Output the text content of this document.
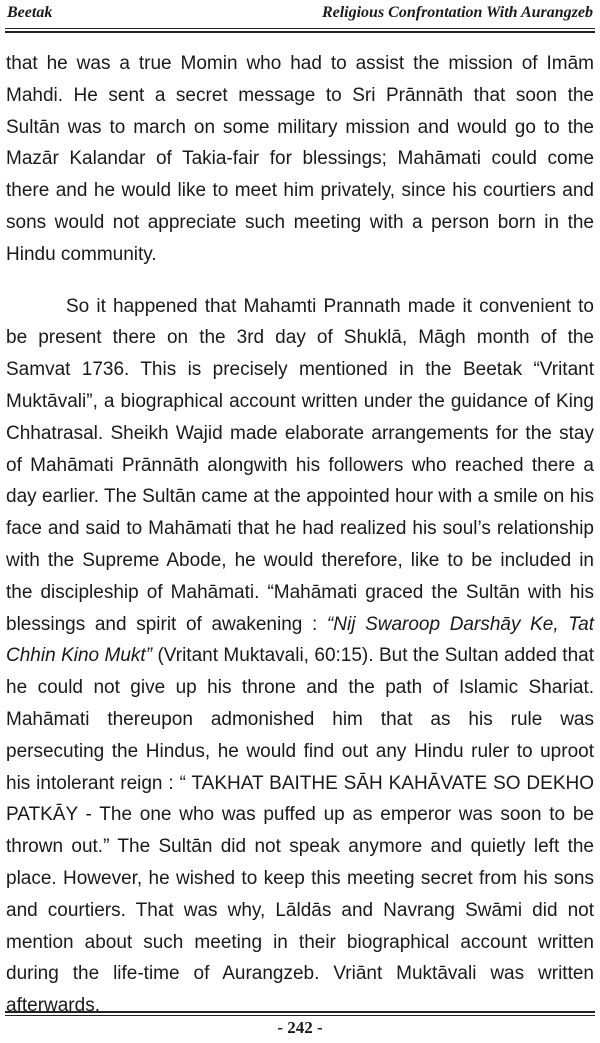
Beetak	Religious Confrontation With Aurangzeb

that he was a true Momin who had to assist the mission of Imām Mahdi. He sent a secret message to Sri Prānnāth that soon the Sultān was to march on some military mission and would go to the Mazār Kalandar of Takia-fair for blessings; Mahāmati could come there and he would like to meet him privately, since his courtiers and sons would not appreciate such meeting with a person born in the Hindu community.

So it happened that Mahamti Prannath made it convenient to be present there on the 3rd day of Shuklā, Māgh month of the Samvat 1736. This is precisely mentioned in the Beetak “Vritant Muktāvali”, a biographical account written under the guidance of King Chhatrasal. Sheikh Wajid made elaborate arrangements for the stay of Mahāmati Prānnāth alongwith his followers who reached there a day earlier. The Sultān came at the appointed hour with a smile on his face and said to Mahāmati that he had realized his soul’s relationship with the Supreme Abode, he would therefore, like to be included in the discipleship of Mahāmati. “Mahāmati graced the Sultān with his blessings and spirit of awakening : “Nij Swaroop Darshāy Ke, Tat Chhin Kino Mukt” (Vritant Muktavali, 60:15). But the Sultan added that he could not give up his throne and the path of Islamic Shariat. Mahāmati thereupon admonished him that as his rule was persecuting the Hindus, he would find out any Hindu ruler to uproot his intolerant reign : “ TAKHAT BAITHE SĀH KAHĀVATE SO DEKHO PATKĀY - The one who was puffed up as emperor was soon to be thrown out.” The Sultān did not speak anymore and quietly left the place. However, he wished to keep this meeting secret from his sons and courtiers. That was why, Lāldās and Navrang Swāmi did not mention about such meeting in their biographical account written during the life-time of Aurangzeb. Vriānt Muktāvali was written afterwards.

- 242 -
